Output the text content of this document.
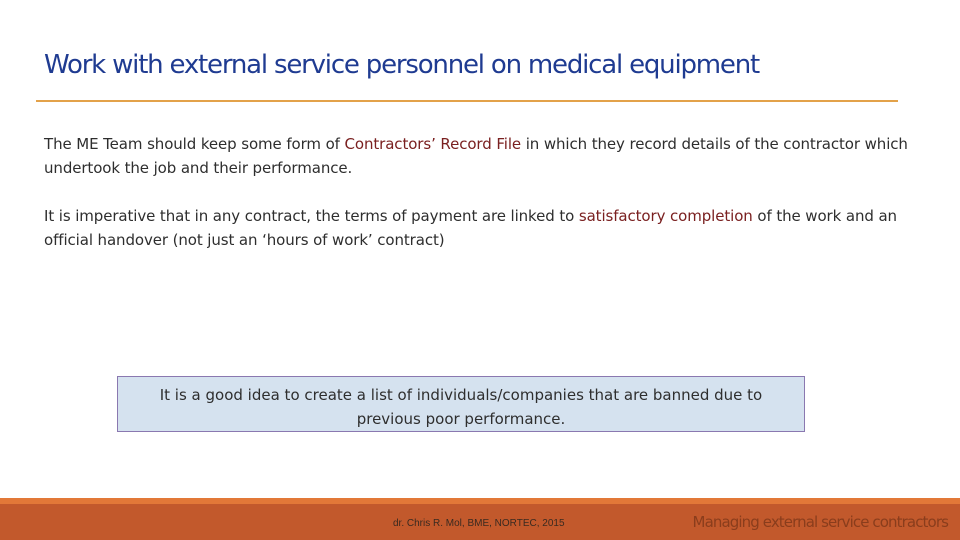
Work with external service personnel on medical equipment

The ME Team should keep some form of Contractors’ Record File in which they record details of the contractor which undertook the job and their performance.

It is imperative that in any contract, the terms of payment are linked to satisfactory completion of the work and an official handover (not just an ‘hours of work’ contract)

It is a good idea to create a list of individuals/companies that are banned due to previous poor performance.
dr. Chris R. Mol, BME, NORTEC, 2015	Managing external service contractors
